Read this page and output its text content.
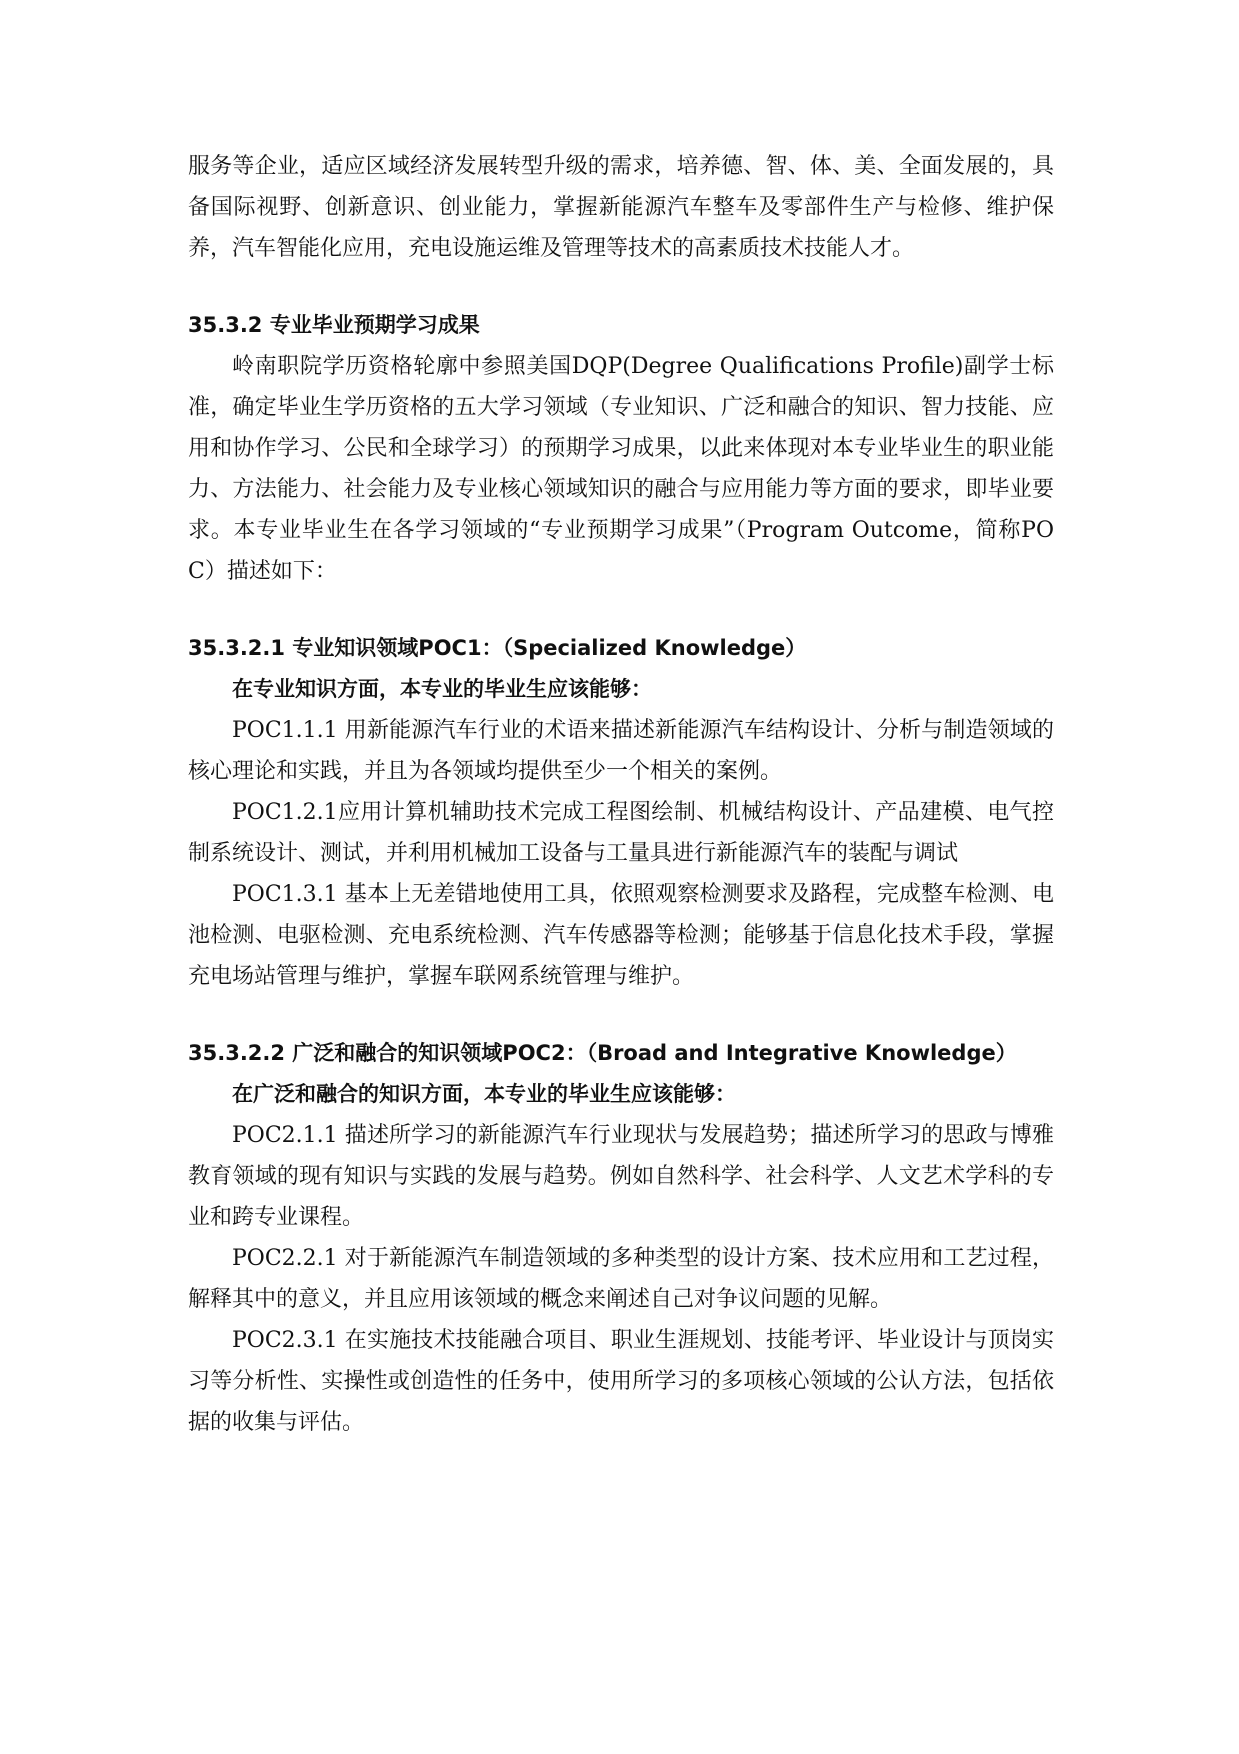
服务等企业，适应区域经济发展转型升级的需求，培养德、智、体、美、全面发展的，具备国际视野、创新意识、创业能力，掌握新能源汽车整车及零部件生产与检修、维护保养，汽车智能化应用，充电设施运维及管理等技术的高素质技术技能人才。

35.3.2 专业毕业预期学习成果

岭南职院学历资格轮廓中参照美国DQP(Degree Qualifications Profile)副学士标准，确定毕业生学历资格的五大学习领域（专业知识、广泛和融合的知识、智力技能、应用和协作学习、公民和全球学习）的预期学习成果，以此来体现对本专业毕业生的职业能力、方法能力、社会能力及专业核心领域知识的融合与应用能力等方面的要求，即毕业要求。本专业毕业生在各学习领域的“专业预期学习成果”（Program Outcome，简称POC）描述如下：

35.3.2.1 专业知识领域POC1：（Specialized Knowledge）

在专业知识方面，本专业的毕业生应该能够：

POC1.1.1 用新能源汽车行业的术语来描述新能源汽车结构设计、分析与制造领域的核心理论和实践，并且为各领域均提供至少一个相关的案例。

POC1.2.1应用计算机辅助技术完成工程图绘制、机械结构设计、产品建模、电气控制系统设计、测试，并利用机械加工设备与工量具进行新能源汽车的装配与调试

POC1.3.1 基本上无差错地使用工具，依照观察检测要求及路程，完成整车检测、电池检测、电驱检测、充电系统检测、汽车传感器等检测；能够基于信息化技术手段，掌握充电场站管理与维护，掌握车联网系统管理与维护。

35.3.2.2 广泛和融合的知识领域POC2：（Broad and Integrative Knowledge）

在广泛和融合的知识方面，本专业的毕业生应该能够：

POC2.1.1 描述所学习的新能源汽车行业现状与发展趋势；描述所学习的思政与博雅教育领域的现有知识与实践的发展与趋势。例如自然科学、社会科学、人文艺术学科的专业和跨专业课程。

POC2.2.1 对于新能源汽车制造领域的多种类型的设计方案、技术应用和工艺过程，解释其中的意义，并且应用该领域的概念来阐述自己对争议问题的见解。

POC2.3.1 在实施技术技能融合项目、职业生涯规划、技能考评、毕业设计与顶岗实习等分析性、实操性或创造性的任务中，使用所学习的多项核心领域的公认方法，包括依据的收集与评估。
